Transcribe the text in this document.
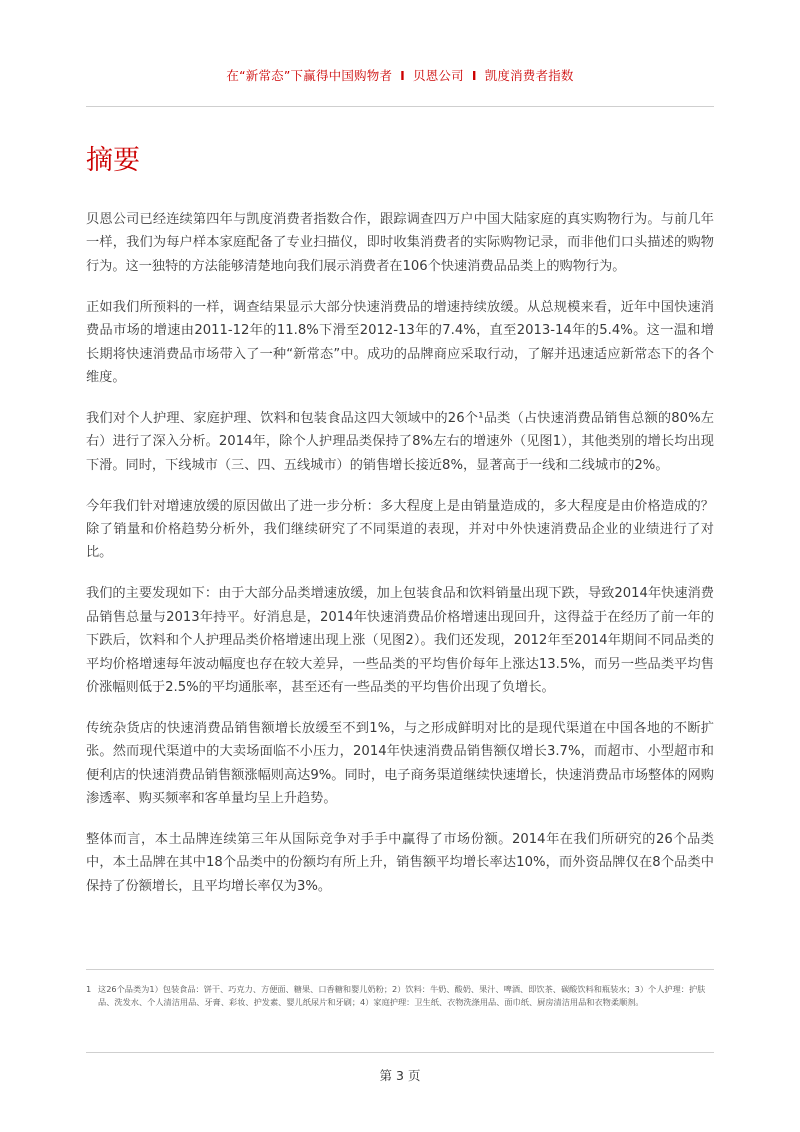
在“新常态”下赢得中国购物者 I 贝恩公司 I 凯度消费者指数
摘要

贝恩公司已经连续第四年与凯度消费者指数合作，跟踪调查四万户中国大陆家庭的真实购物行为。与前几年一样，我们为每户样本家庭配备了专业扫描仪，即时收集消费者的实际购物记录，而非他们口头描述的购物行为。这一独特的方法能够清楚地向我们展示消费者在106个快速消费品品类上的购物行为。

正如我们所预料的一样，调查结果显示大部分快速消费品的增速持续放缓。从总规模来看，近年中国快速消费品市场的增速由2011-12年的11.8%下滑至2012-13年的7.4%，直至2013-14年的5.4%。这一温和增长期将快速消费品市场带入了一种“新常态”中。成功的品牌商应采取行动，了解并迅速适应新常态下的各个维度。

我们对个人护理、家庭护理、饮料和包装食品这四大领域中的26个¹品类（占快速消费品销售总额的80%左右）进行了深入分析。2014年，除个人护理品类保持了8%左右的增速外（见图1），其他类别的增长均出现下滑。同时，下线城市（三、四、五线城市）的销售增长接近8%，显著高于一线和二线城市的2%。

今年我们针对增速放缓的原因做出了进一步分析：多大程度上是由销量造成的，多大程度是由价格造成的？除了销量和价格趋势分析外，我们继续研究了不同渠道的表现，并对中外快速消费品企业的业绩进行了对比。

我们的主要发现如下：由于大部分品类增速放缓，加上包装食品和饮料销量出现下跌，导致2014年快速消费品销售总量与2013年持平。好消息是，2014年快速消费品价格增速出现回升，这得益于在经历了前一年的下跌后，饮料和个人护理品类价格增速出现上涨（见图2）。我们还发现，2012年至2014年期间不同品类的平均价格增速每年波动幅度也存在较大差异，一些品类的平均售价每年上涨达13.5%，而另一些品类平均售价涨幅则低于2.5%的平均通胀率，甚至还有一些品类的平均售价出现了负增长。

传统杂货店的快速消费品销售额增长放缓至不到1%，与之形成鲜明对比的是现代渠道在中国各地的不断扩张。然而现代渠道中的大卖场面临不小压力，2014年快速消费品销售额仅增长3.7%，而超市、小型超市和便利店的快速消费品销售额涨幅则高达9%。同时，电子商务渠道继续快速增长，快速消费品市场整体的网购渗透率、购买频率和客单量均呈上升趋势。

整体而言，本土品牌连续第三年从国际竞争对手手中赢得了市场份额。2014年在我们所研究的26个品类中，本土品牌在其中18个品类中的份额均有所上升，销售额平均增长率达10%，而外资品牌仅在8个品类中保持了份额增长，且平均增长率仅为3%。

1 这26个品类为1）包装食品：饼干、巧克力、方便面、糖果、口香糖和婴儿奶粉；2）饮料：牛奶、酸奶、果汁、啤酒、即饮茶、碳酸饮料和瓶装水；3）个人护理：护肤品、洗发水、个人清洁用品、牙膏、彩妆、护发素、婴儿纸尿片和牙刷；4）家庭护理：卫生纸、衣物洗涤用品、面巾纸、厨房清洁用品和衣物柔顺剂。
第 3 页
